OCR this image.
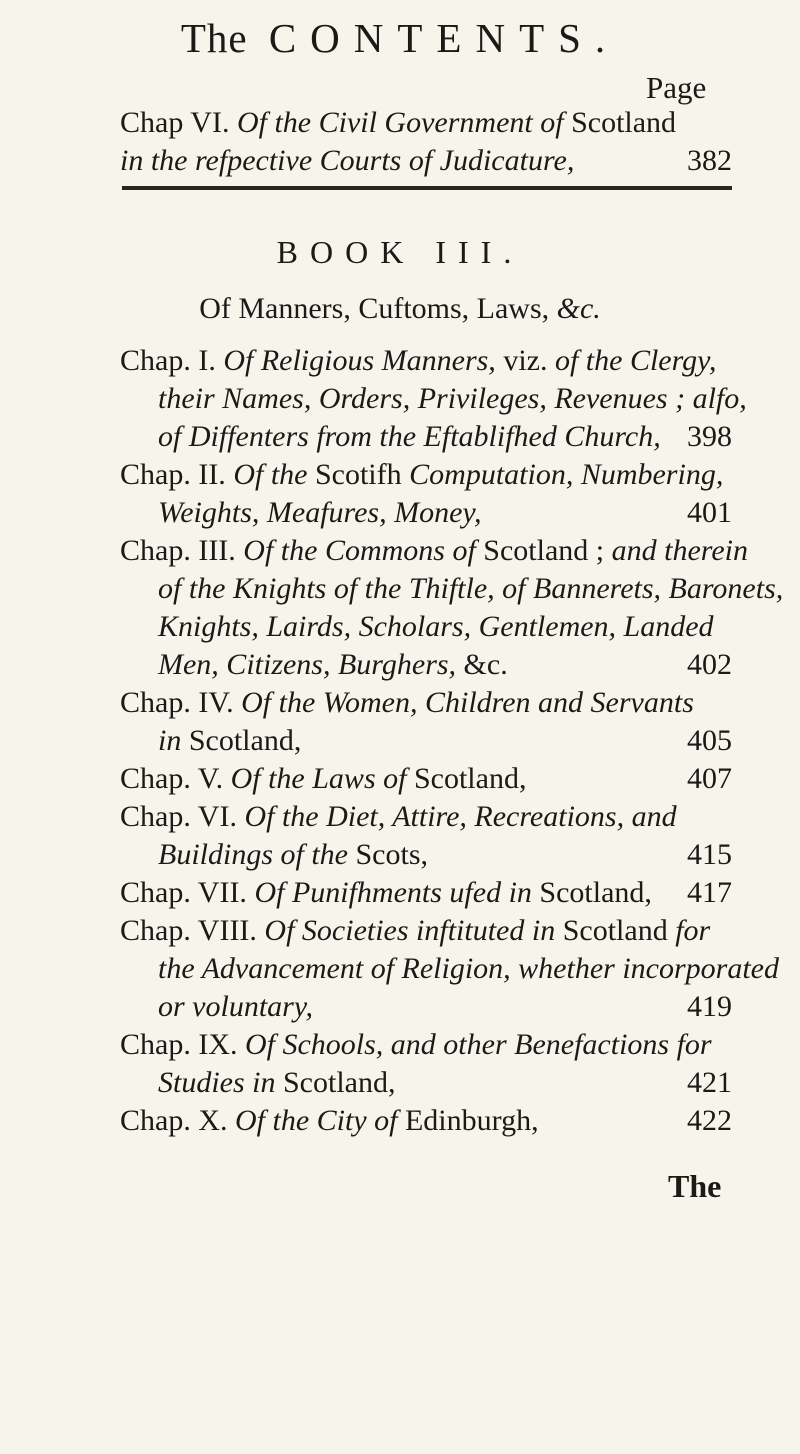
The CONTENTS.
Page
Chap VI. Of the Civil Government of Scotland
in the refpective Courts of Judicature,	382
BOOK III.
Of Manners, Cuftoms, Laws, &c.
Chap. I. Of Religious Manners, viz. of the Clergy,
their Names, Orders, Privileges, Revenues ; alfo,
of Diffenters from the Eftablifhed Church, 398
Chap. II. Of the Scotifh Computation, Numbering,
Weights, Meafures, Money,	401
Chap. III. Of the Commons of Scotland ; and therein
of the Knights of the Thiftle, of Bannerets, Baronets,
Knights, Lairds, Scholars, Gentlemen, Landed
Men, Citizens, Burghers, &c.	402
Chap. IV. Of the Women, Children and Servants
in Scotland,	405
Chap. V. Of the Laws of Scotland,	407
Chap. VI. Of the Diet, Attire, Recreations, and
Buildings of the Scots,	415
Chap. VII. Of Punifhments ufed in Scotland, 417
Chap. VIII. Of Societies inftituted in Scotland for
the Advancement of Religion, whether incorporated
or voluntary,	419
Chap. IX. Of Schools, and other Benefactions for
Studies in Scotland,	421
Chap. X. Of the City of Edinburgh,	422
The
